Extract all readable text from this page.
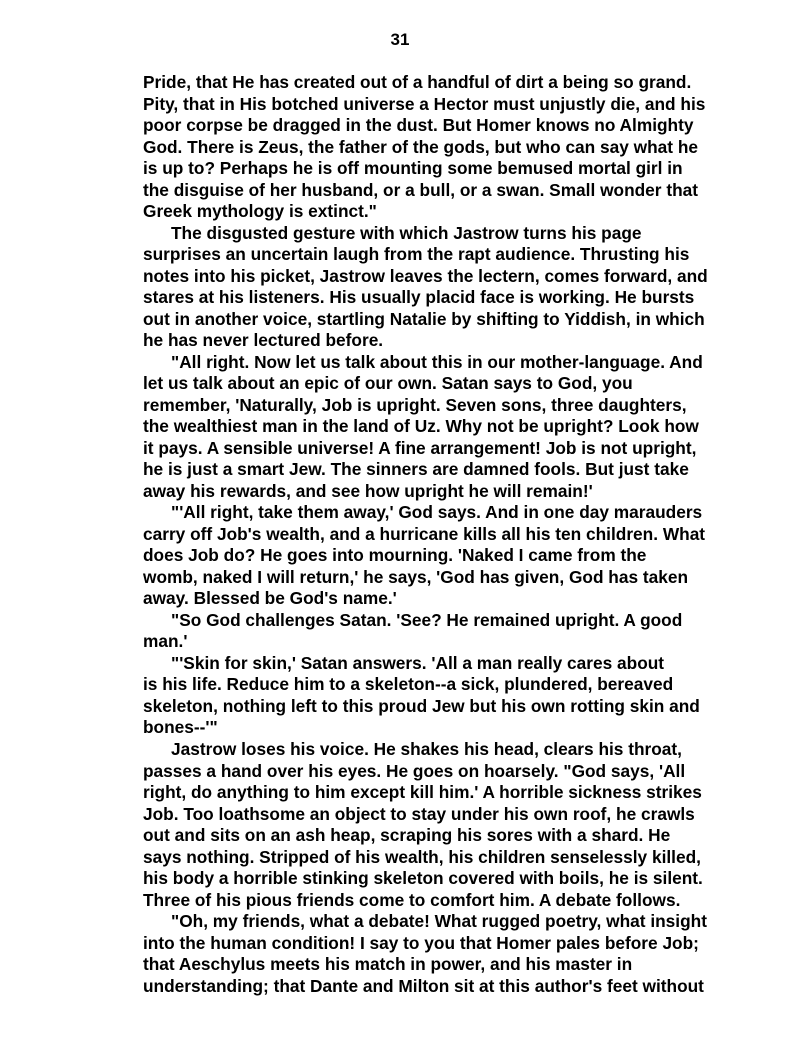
31
Pride, that He has created out of a handful of dirt a being so grand.
Pity, that in His botched universe a Hector must unjustly die, and his
poor corpse be dragged in the dust. But Homer knows no Almighty
God. There is Zeus, the father of the gods, but who can say what he
is up to? Perhaps he is off mounting some bemused mortal girl in
the disguise of her husband, or a bull, or a swan. Small wonder that
Greek mythology is extinct."
The disgusted gesture with which Jastrow turns his page
surprises an uncertain laugh from the rapt audience. Thrusting his
notes into his picket, Jastrow leaves the lectern, comes forward, and
stares at his listeners. His usually placid face is working. He bursts
out in another voice, startling Natalie by shifting to Yiddish, in which
he has never lectured before.
"All right. Now let us talk about this in our mother-language. And
let us talk about an epic of our own. Satan says to God, you
remember, 'Naturally, Job is upright. Seven sons, three daughters,
the wealthiest man in the land of Uz. Why not be upright? Look how
it pays. A sensible universe! A fine arrangement! Job is not upright,
he is just a smart Jew. The sinners are damned fools. But just take
away his rewards, and see how upright he will remain!'
"'All right, take them away,' God says. And in one day marauders
carry off Job's wealth, and a hurricane kills all his ten children. What
does Job do? He goes into mourning. 'Naked I came from the
womb, naked I will return,' he says, 'God has given, God has taken
away. Blessed be God's name.'
"So God challenges Satan. 'See? He remained upright. A good
man.'
"'Skin for skin,' Satan answers. 'All a man really cares about
is his life. Reduce him to a skeleton--a sick, plundered, bereaved
skeleton, nothing left to this proud Jew but his own rotting skin and
bones--'"
Jastrow loses his voice. He shakes his head, clears his throat,
passes a hand over his eyes. He goes on hoarsely. "God says, 'All
right, do anything to him except kill him.' A horrible sickness strikes
Job. Too loathsome an object to stay under his own roof, he crawls
out and sits on an ash heap, scraping his sores with a shard. He
says nothing. Stripped of his wealth, his children senselessly killed,
his body a horrible stinking skeleton covered with boils, he is silent.
Three of his pious friends come to comfort him. A debate follows.
"Oh, my friends, what a debate! What rugged poetry, what insight
into the human condition! I say to you that Homer pales before Job;
that Aeschylus meets his match in power, and his master in
understanding; that Dante and Milton sit at this author's feet without
